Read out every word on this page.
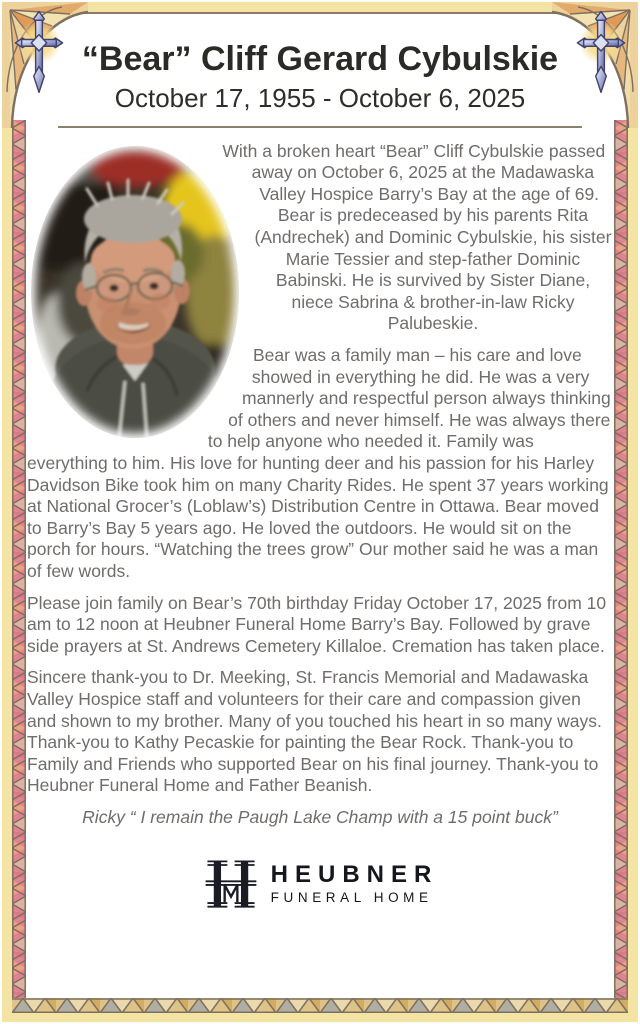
“Bear” Cliff Gerard Cybulskie
October 17, 1955 - October 6, 2025

With a broken heart “Bear” Cliff Cybulskie passed away on October 6, 2025 at the Madawaska Valley Hospice Barry’s Bay at the age of 69. Bear is predeceased by his parents Rita (Andrechek) and Dominic Cybulskie, his sister Marie Tessier and step-father Dominic Babinski. He is survived by Sister Diane, niece Sabrina & brother-in-law Ricky Palubeskie.

Bear was a family man – his care and love showed in everything he did. He was a very mannerly and respectful person always thinking of others and never himself. He was always there to help anyone who needed it. Family was everything to him. His love for hunting deer and his passion for his Harley Davidson Bike took him on many Charity Rides. He spent 37 years working at National Grocer’s (Loblaw’s) Distribution Centre in Ottawa. Bear moved to Barry’s Bay 5 years ago. He loved the outdoors. He would sit on the porch for hours. “Watching the trees grow” Our mother said he was a man of few words.

Please join family on Bear’s 70th birthday Friday October 17, 2025 from 10 am to 12 noon at Heubner Funeral Home Barry’s Bay. Followed by grave side prayers at St. Andrews Cemetery Killaloe. Cremation has taken place.

Sincere thank-you to Dr. Meeking, St. Francis Memorial and Madawaska Valley Hospice staff and volunteers for their care and compassion given and shown to my brother. Many of you touched his heart in so many ways. Thank-you to Kathy Pecaskie for painting the Bear Rock. Thank-you to Family and Friends who supported Bear on his final journey. Thank-you to Heubner Funeral Home and Father Beanish.

Ricky “ I remain the Paugh Lake Champ with a 15 point buck”

HEUBNER
FUNERAL HOME
